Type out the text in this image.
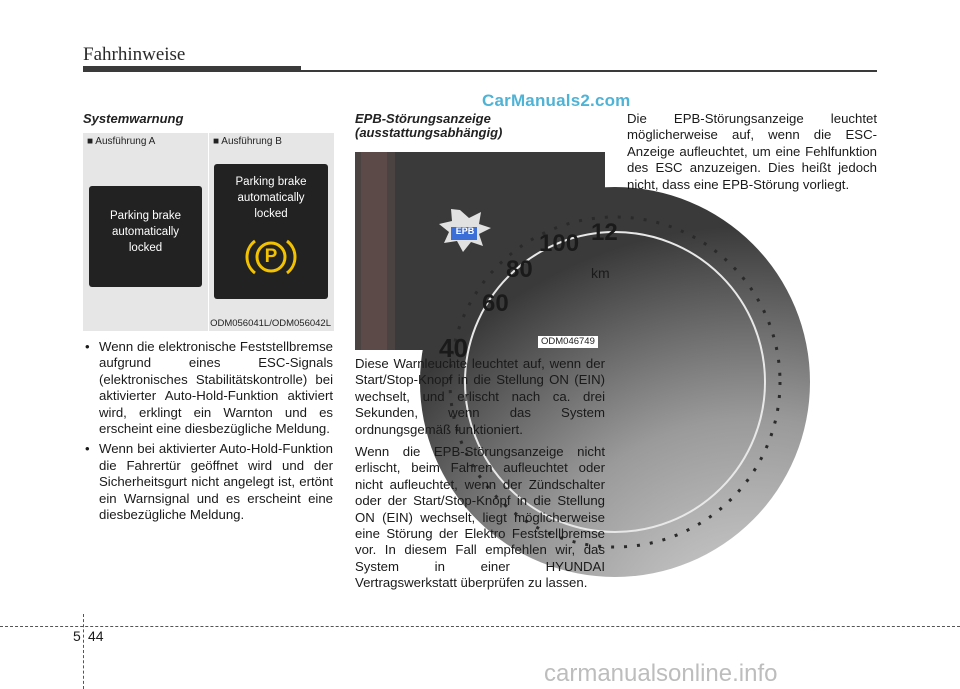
Fahrhinweise
CarManuals2.com
Systemwarnung
■ Ausführung A	■ Ausführung B
Parking brake
automatically
locked
Parking brake
automatically
locked
P
ODM056041L/ODM056042L
• Wenn die elektronische Feststellbremse aufgrund eines ESC-Signals (elektronisches Stabilitätskontrolle) bei aktivierter Auto-Hold-Funktion aktiviert wird, erklingt ein Warnton und es erscheint eine diesbezügliche Meldung.
• Wenn bei aktivierter Auto-Hold-Funktion die Fahrertür geöffnet wird und der Sicherheitsgurt nicht angelegt ist, ertönt ein Warnsignal und es erscheint eine diesbezügliche Meldung.
EPB-Störungsanzeige
(ausstattungsabhängig)
EPB
40
60
80
100 12
km
ODM046749

Diese Warnleuchte leuchtet auf, wenn der Start/Stop-Knopf in die Stellung ON (EIN) wechselt, und erlischt nach ca. drei Sekunden, wenn das System ordnungsgemäß funktioniert.

Wenn die EPB-Störungsanzeige nicht erlischt, beim Fahren aufleuchtet oder nicht aufleuchtet, wenn der Zündschalter oder der Start/Stop-Knopf in die Stellung ON (EIN) wechselt, liegt möglicherweise eine Störung der Elektro Feststellbremse vor. In diesem Fall empfehlen wir, das System in einer HYUNDAI Vertragswerkstatt überprüfen zu lassen.

Die EPB-Störungsanzeige leuchtet möglicherweise auf, wenn die ESC-Anzeige aufleuchtet, um eine Fehlfunktion des ESC anzuzeigen. Dies heißt jedoch nicht, dass eine EPB-Störung vorliegt.

5 44
carmanualsonline.info
